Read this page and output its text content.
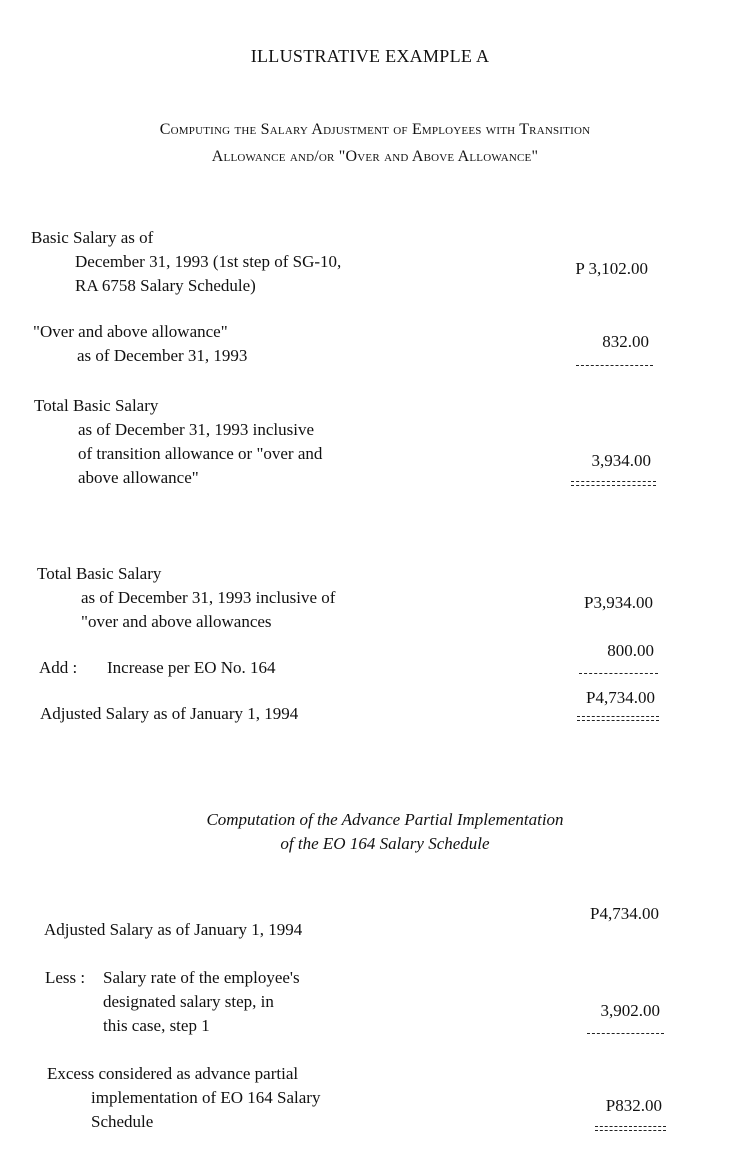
ILLUSTRATIVE EXAMPLE A
Computing the Salary Adjustment of Employees with Transition
Allowance and/or "Over and Above Allowance"
Basic Salary as of
December 31, 1993 (1st step of SG-10,
RA 6758 Salary Schedule)
P 3,102.00
"Over and above allowance"
as of December 31, 1993
832.00
Total Basic Salary
as of December 31, 1993 inclusive
of transition allowance or "over and
above allowance"
3,934.00
Total Basic Salary
as of December 31, 1993 inclusive of
"over and above allowances
P3,934.00
Add : Increase per EO No. 164
800.00
Adjusted Salary as of January 1, 1994
P4,734.00
Computation of the Advance Partial Implementation
of the EO 164 Salary Schedule
Adjusted Salary as of January 1, 1994
P4,734.00
Less : Salary rate of the employee's
designated salary step, in
this case, step 1
3,902.00
Excess considered as advance partial
implementation of EO 164 Salary
Schedule
P832.00
